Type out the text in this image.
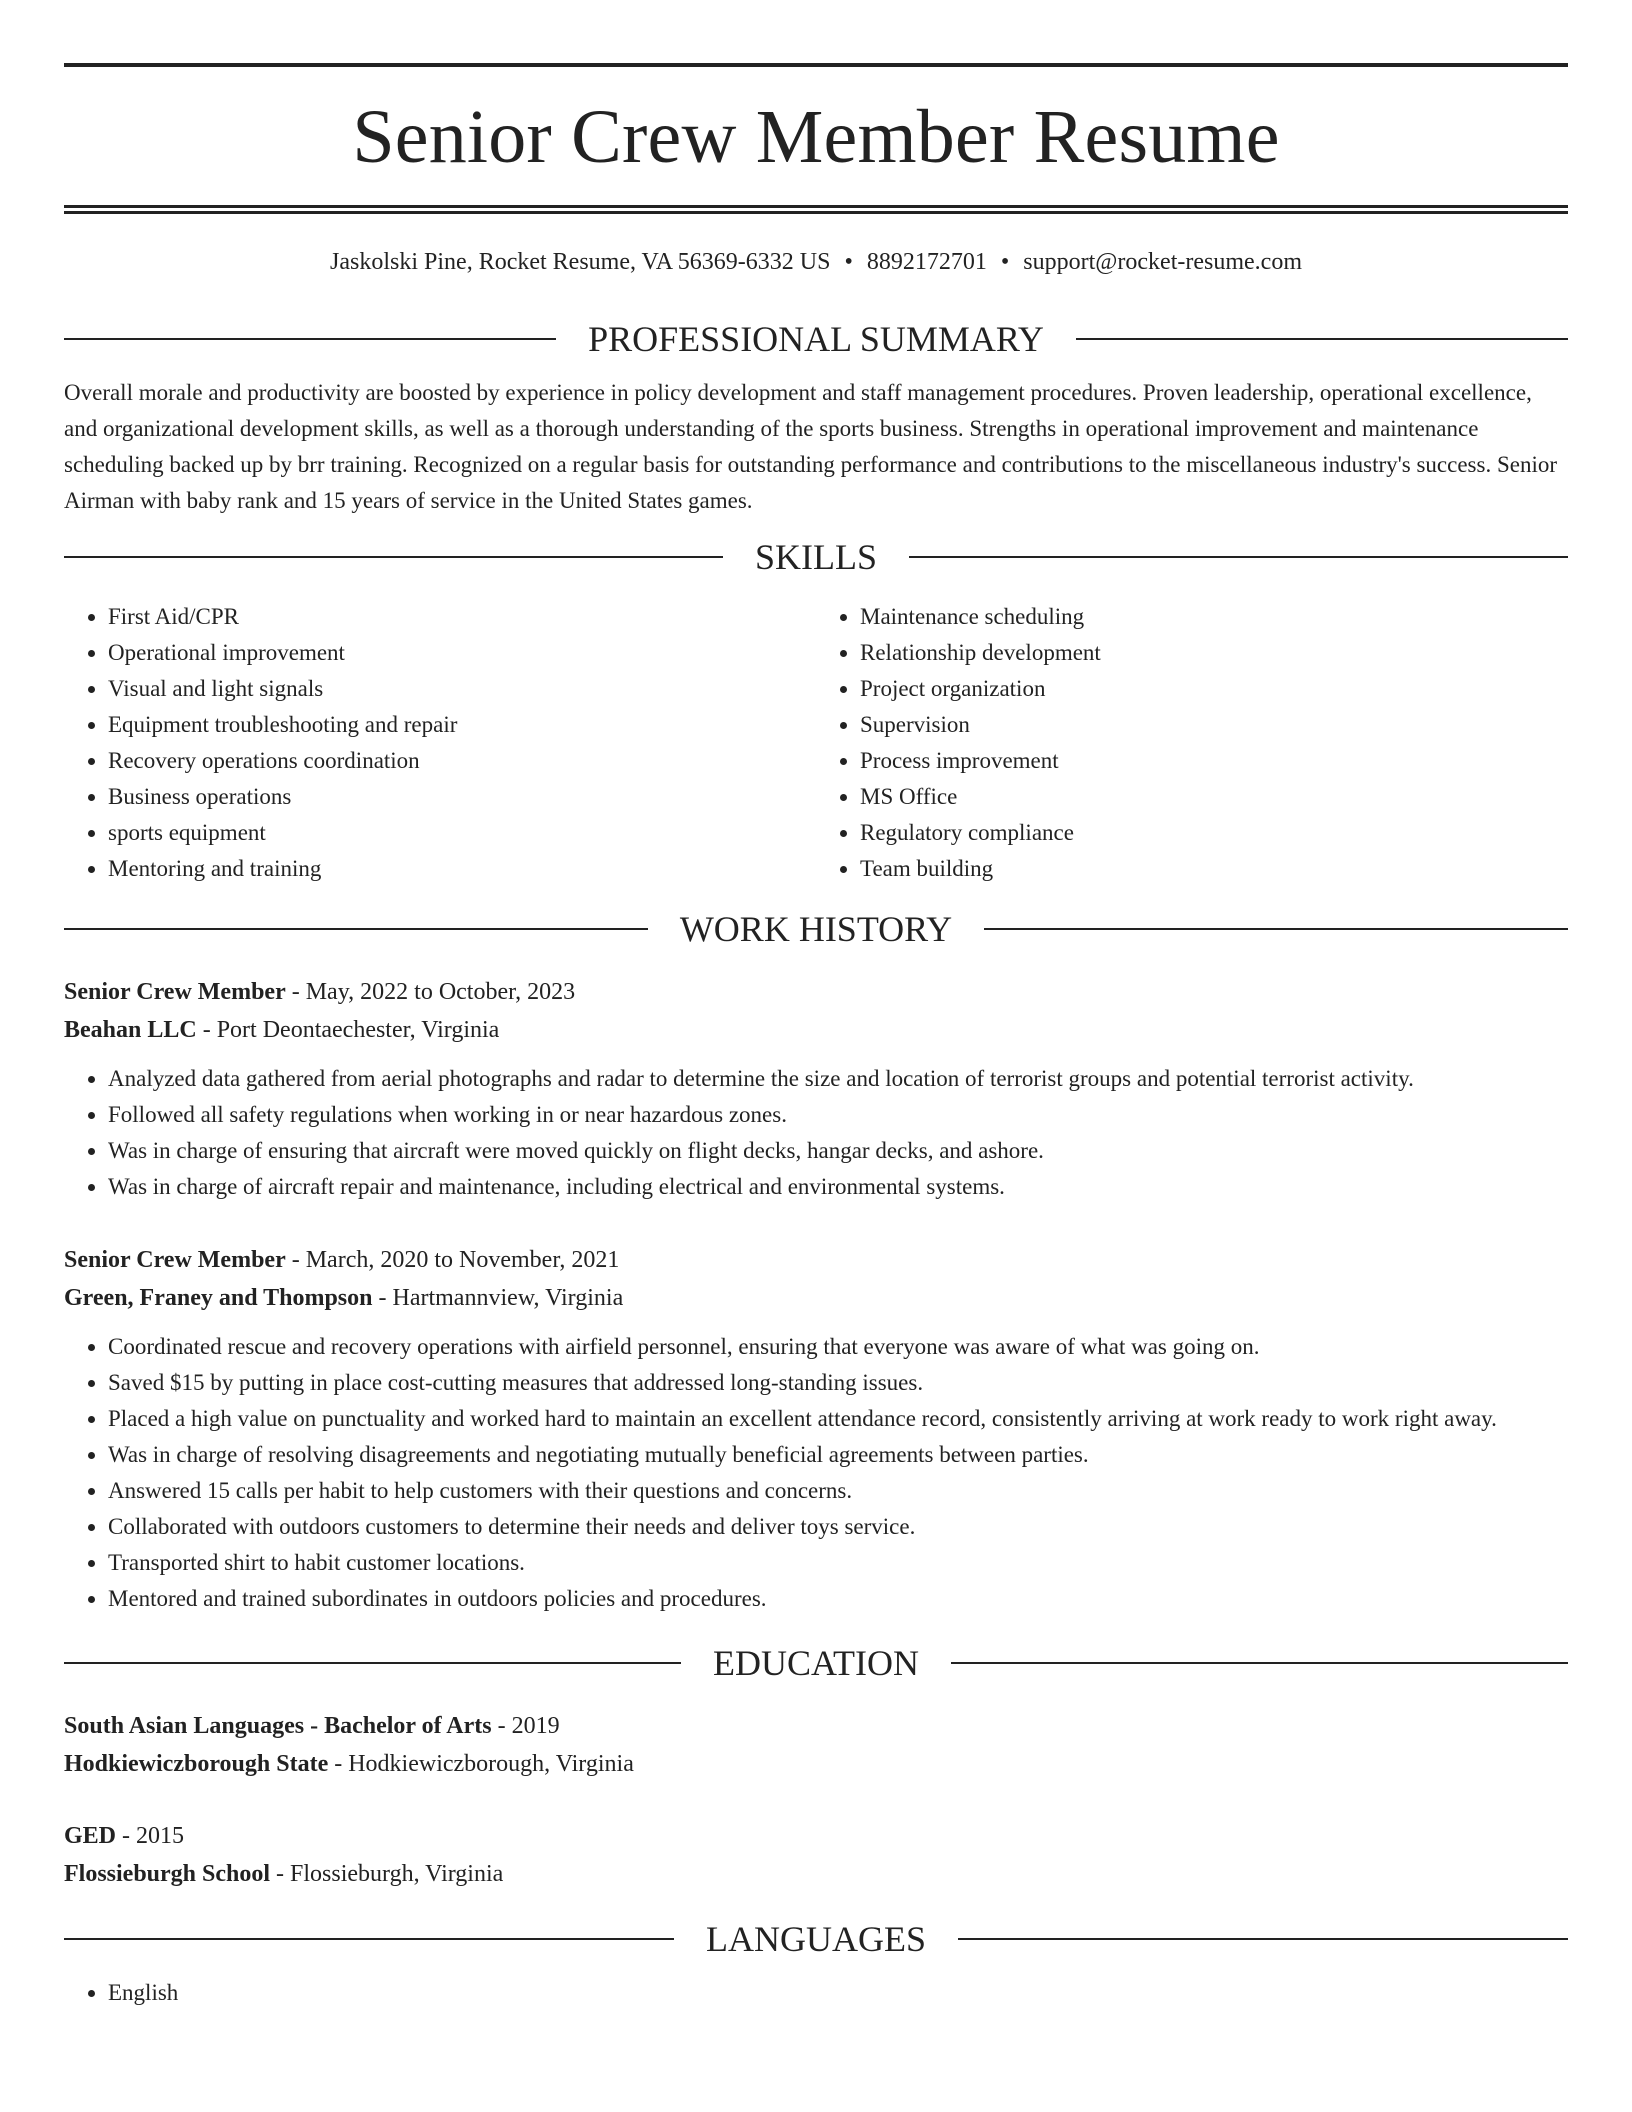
Senior Crew Member Resume
Jaskolski Pine, Rocket Resume, VA 56369-6332 US • 8892172701 • support@rocket-resume.com
PROFESSIONAL SUMMARY

Overall morale and productivity are boosted by experience in policy development and staff management procedures. Proven leadership, operational excellence, and organizational development skills, as well as a thorough understanding of the sports business. Strengths in operational improvement and maintenance scheduling backed up by brr training. Recognized on a regular basis for outstanding performance and contributions to the miscellaneous industry's success. Senior Airman with baby rank and 15 years of service in the United States games.

SKILLS
• First Aid/CPR
• Operational improvement
• Visual and light signals
• Equipment troubleshooting and repair
• Recovery operations coordination
• Business operations
• sports equipment
• Mentoring and training
• Maintenance scheduling
• Relationship development
• Project organization
• Supervision
• Process improvement
• MS Office
• Regulatory compliance
• Team building
WORK HISTORY
Senior Crew Member - May, 2022 to October, 2023
Beahan LLC - Port Deontaechester, Virginia
• Analyzed data gathered from aerial photographs and radar to determine the size and location of terrorist groups and potential terrorist activity.
• Followed all safety regulations when working in or near hazardous zones.
• Was in charge of ensuring that aircraft were moved quickly on flight decks, hangar decks, and ashore.
• Was in charge of aircraft repair and maintenance, including electrical and environmental systems.
Senior Crew Member - March, 2020 to November, 2021
Green, Franey and Thompson - Hartmannview, Virginia
• Coordinated rescue and recovery operations with airfield personnel, ensuring that everyone was aware of what was going on.
• Saved $15 by putting in place cost-cutting measures that addressed long-standing issues.
• Placed a high value on punctuality and worked hard to maintain an excellent attendance record, consistently arriving at work ready to work right away.
• Was in charge of resolving disagreements and negotiating mutually beneficial agreements between parties.
• Answered 15 calls per habit to help customers with their questions and concerns.
• Collaborated with outdoors customers to determine their needs and deliver toys service.
• Transported shirt to habit customer locations.
• Mentored and trained subordinates in outdoors policies and procedures.
EDUCATION
South Asian Languages - Bachelor of Arts - 2019
Hodkiewiczborough State - Hodkiewiczborough, Virginia
GED - 2015
Flossieburgh School - Flossieburgh, Virginia
LANGUAGES
• English
